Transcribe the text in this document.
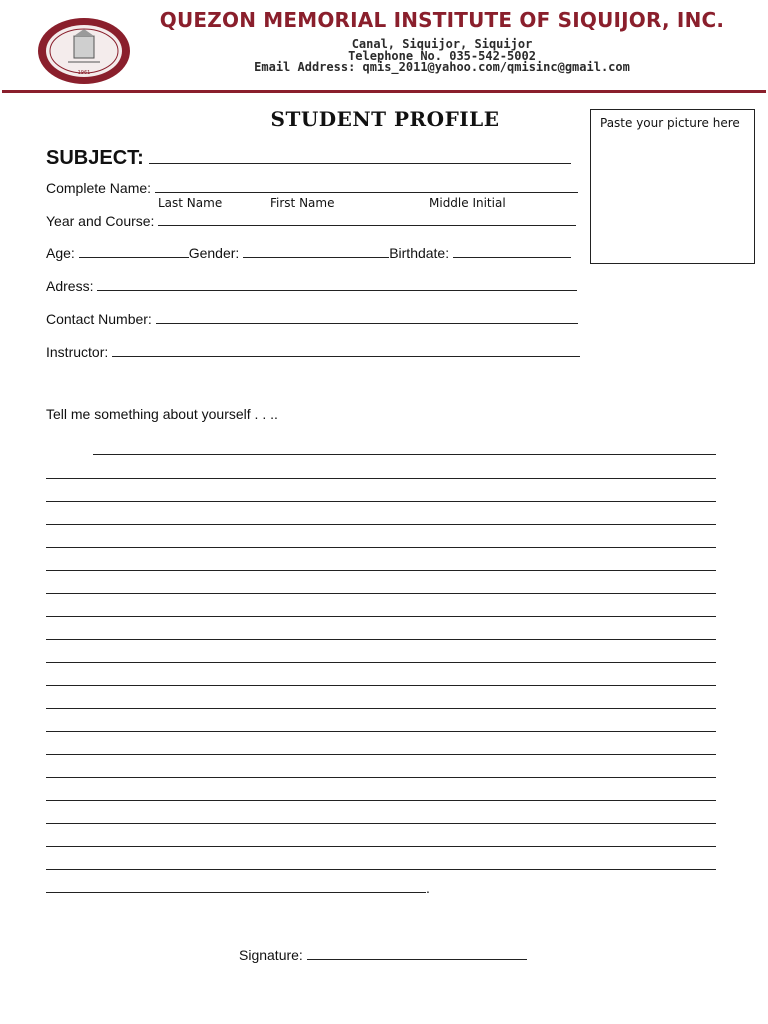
1961
QUEZON MEMORIAL INSTITUTE OF SIQUIJOR, INC.
Canal, Siquijor, Siquijor
Telephone No. 035-542-5002
Email Address: qmis_2011@yahoo.com/qmisinc@gmail.com
STUDENT PROFILE	Paste your picture here
SUBJECT:
Complete Name:
Last Name	First Name	Middle Initial
Year and Course:
Age:	Gender:	Birthdate:
Adress:
Contact Number:
Instructor:
Tell me something about yourself . . ..
.
Signature:
